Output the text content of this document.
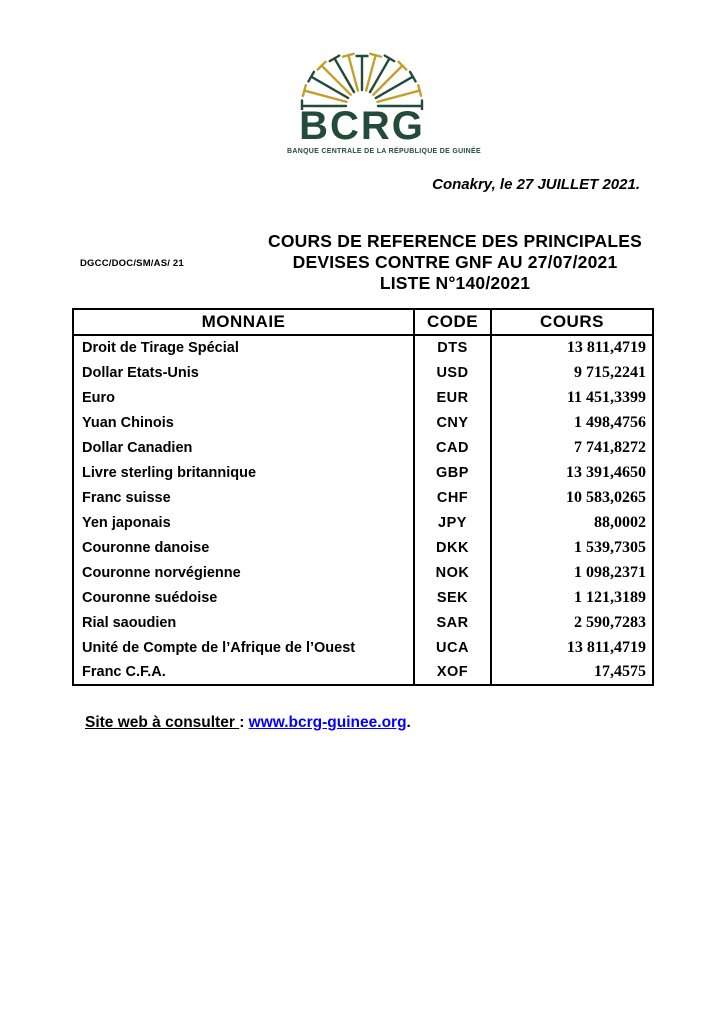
BCRG
BANQUE CENTRALE DE LA RÉPUBLIQUE DE GUINÉE
Conakry, le 27 JUILLET 2021.
DGCC/DOC/SM/AS/ 21
COURS DE REFERENCE DES PRINCIPALES
DEVISES CONTRE GNF AU 27/07/2021
LISTE N°140/2021
MONNAIE	CODE	COURS
Droit de Tirage Spécial	DTS	13 811,4719
Dollar Etats-Unis	USD	9 715,2241
Euro	EUR	11 451,3399
Yuan Chinois	CNY	1 498,4756
Dollar Canadien	CAD	7 741,8272
Livre sterling britannique	GBP	13 391,4650
Franc suisse	CHF	10 583,0265
Yen japonais	JPY	88,0002
Couronne danoise	DKK	1 539,7305
Couronne norvégienne	NOK	1 098,2371
Couronne suédoise	SEK	1 121,3189
Rial saoudien	SAR	2 590,7283
Unité de Compte de l’Afrique de l’Ouest	UCA	13 811,4719
Franc C.F.A.	XOF	17,4575
Site web à consulter : www.bcrg-guinee.org.
